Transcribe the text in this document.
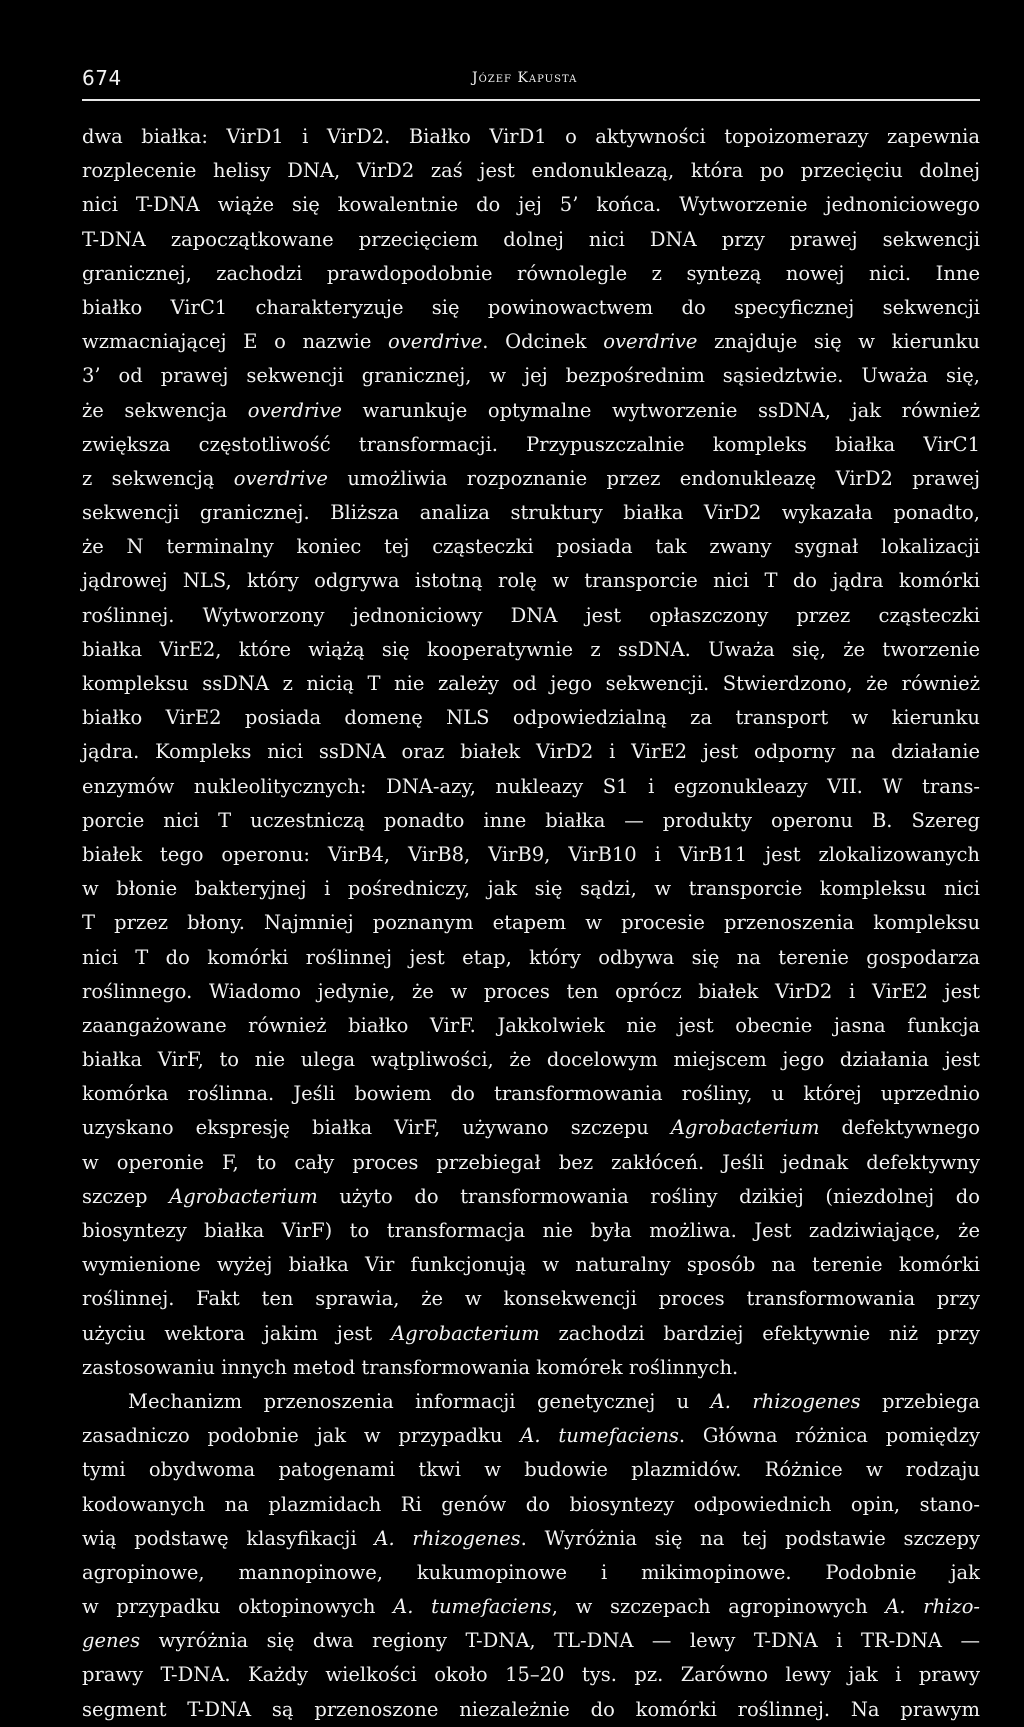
674	Józef Kapusta
dwa białka: VirD1 i VirD2. Białko VirD1 o aktywności topoizomerazy zapewnia
rozplecenie helisy DNA, VirD2 zaś jest endonukleazą, która po przecięciu dolnej
nici T-DNA wiąże się kowalentnie do jej 5’ końca. Wytworzenie jednoniciowego
T-DNA zapoczątkowane przecięciem dolnej nici DNA przy prawej sekwencji
granicznej, zachodzi prawdopodobnie równolegle z syntezą nowej nici. Inne
białko VirC1 charakteryzuje się powinowactwem do specyficznej sekwencji
wzmacniającej E o nazwie overdrive. Odcinek overdrive znajduje się w kierunku
3’ od prawej sekwencji granicznej, w jej bezpośrednim sąsiedztwie. Uważa się,
że sekwencja overdrive warunkuje optymalne wytworzenie ssDNA, jak również
zwiększa częstotliwość transformacji. Przypuszczalnie kompleks białka VirC1
z sekwencją overdrive umożliwia rozpoznanie przez endonukleazę VirD2 prawej
sekwencji granicznej. Bliższa analiza struktury białka VirD2 wykazała ponadto,
że N terminalny koniec tej cząsteczki posiada tak zwany sygnał lokalizacji
jądrowej NLS, który odgrywa istotną rolę w transporcie nici T do jądra komórki
roślinnej. Wytworzony jednoniciowy DNA jest opłaszczony przez cząsteczki
białka VirE2, które wiążą się kooperatywnie z ssDNA. Uważa się, że tworzenie
kompleksu ssDNA z nicią T nie zależy od jego sekwencji. Stwierdzono, że również
białko VirE2 posiada domenę NLS odpowiedzialną za transport w kierunku
jądra. Kompleks nici ssDNA oraz białek VirD2 i VirE2 jest odporny na działanie
enzymów nukleolitycznych: DNA-azy, nukleazy S1 i egzonukleazy VII. W trans-
porcie nici T uczestniczą ponadto inne białka — produkty operonu B. Szereg
białek tego operonu: VirB4, VirB8, VirB9, VirB10 i VirB11 jest zlokalizowanych
w błonie bakteryjnej i pośredniczy, jak się sądzi, w transporcie kompleksu nici
T przez błony. Najmniej poznanym etapem w procesie przenoszenia kompleksu
nici T do komórki roślinnej jest etap, który odbywa się na terenie gospodarza
roślinnego. Wiadomo jedynie, że w proces ten oprócz białek VirD2 i VirE2 jest
zaangażowane również białko VirF. Jakkolwiek nie jest obecnie jasna funkcja
białka VirF, to nie ulega wątpliwości, że docelowym miejscem jego działania jest
komórka roślinna. Jeśli bowiem do transformowania rośliny, u której uprzednio
uzyskano ekspresję białka VirF, używano szczepu Agrobacterium defektywnego
w operonie F, to cały proces przebiegał bez zakłóceń. Jeśli jednak defektywny
szczep Agrobacterium użyto do transformowania rośliny dzikiej (niezdolnej do
biosyntezy białka VirF) to transformacja nie była możliwa. Jest zadziwiające, że
wymienione wyżej białka Vir funkcjonują w naturalny sposób na terenie komórki
roślinnej. Fakt ten sprawia, że w konsekwencji proces transformowania przy
użyciu wektora jakim jest Agrobacterium zachodzi bardziej efektywnie niż przy
zastosowaniu innych metod transformowania komórek roślinnych.
Mechanizm przenoszenia informacji genetycznej u A. rhizogenes przebiega
zasadniczo podobnie jak w przypadku A. tumefaciens. Główna różnica pomiędzy
tymi obydwoma patogenami tkwi w budowie plazmidów. Różnice w rodzaju
kodowanych na plazmidach Ri genów do biosyntezy odpowiednich opin, stano-
wią podstawę klasyfikacji A. rhizogenes. Wyróżnia się na tej podstawie szczepy
agropinowe, mannopinowe, kukumopinowe i mikimopinowe. Podobnie jak
w przypadku oktopinowych A. tumefaciens, w szczepach agropinowych A. rhizo-
genes wyróżnia się dwa regiony T-DNA, TL-DNA — lewy T-DNA i TR-DNA —
prawy T-DNA. Każdy wielkości około 15–20 tys. pz. Zarówno lewy jak i prawy
segment T-DNA są przenoszone niezależnie do komórki roślinnej. Na prawym
